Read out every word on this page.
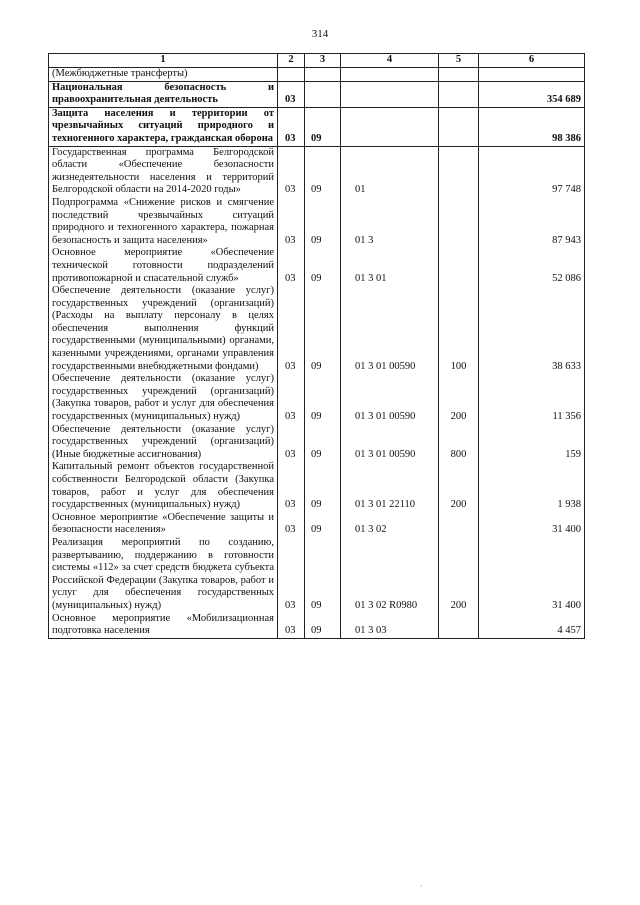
314
1	2	3	4	5	6
(Межбюджетные трансферты)					
Национальная безопасность и правоохранительная деятельность	03				354 689
Защита населения и территории от чрезвычайных ситуаций природного и техногенного характера, гражданская оборона	03	09			98 386
Государственная программа Белгородской области «Обеспечение безопасности жизнедеятельности населения и территорий Белгородской области на 2014-2020 годы»	03	09	01		97 748
Подпрограмма «Снижение рисков и смягчение последствий чрезвычайных ситуаций природного и техногенного характера, пожарная безопасность и защита населения»	03	09	01 3		87 943
Основное мероприятие «Обеспечение технической готовности подразделений противопожарной и спасательной служб»	03	09	01 3 01		52 086
Обеспечение деятельности (оказание услуг) государственных учреждений (организаций) (Расходы на выплату персоналу в целях обеспечения выполнения функций государственными (муниципальными) органами, казенными учреждениями, органами управления государственными внебюджетными фондами)	03	09	01 3 01 00590	100	38 633
Обеспечение деятельности (оказание услуг) государственных учреждений (организаций) (Закупка товаров, работ и услуг для обеспечения государственных (муниципальных) нужд)	03	09	01 3 01 00590	200	11 356
Обеспечение деятельности (оказание услуг) государственных учреждений (организаций) (Иные бюджетные ассигнования)	03	09	01 3 01 00590	800	159
Капитальный ремонт объектов государственной собственности Белгородской области (Закупка товаров, работ и услуг для обеспечения государственных (муниципальных) нужд)	03	09	01 3 01 22110	200	1 938
Основное мероприятие «Обеспечение защиты и безопасности населения»	03	09	01 3 02		31 400
Реализация мероприятий по созданию, развертыванию, поддержанию в готовности системы «112» за счет средств бюджета субъекта Российской Федерации (Закупка товаров, работ и услуг для обеспечения государственных (муниципальных) нужд)	03	09	01 3 02 R0980	200	31 400
Основное мероприятие «Мобилизационная подготовка населения	03	09	01 3 03		4 457
·
